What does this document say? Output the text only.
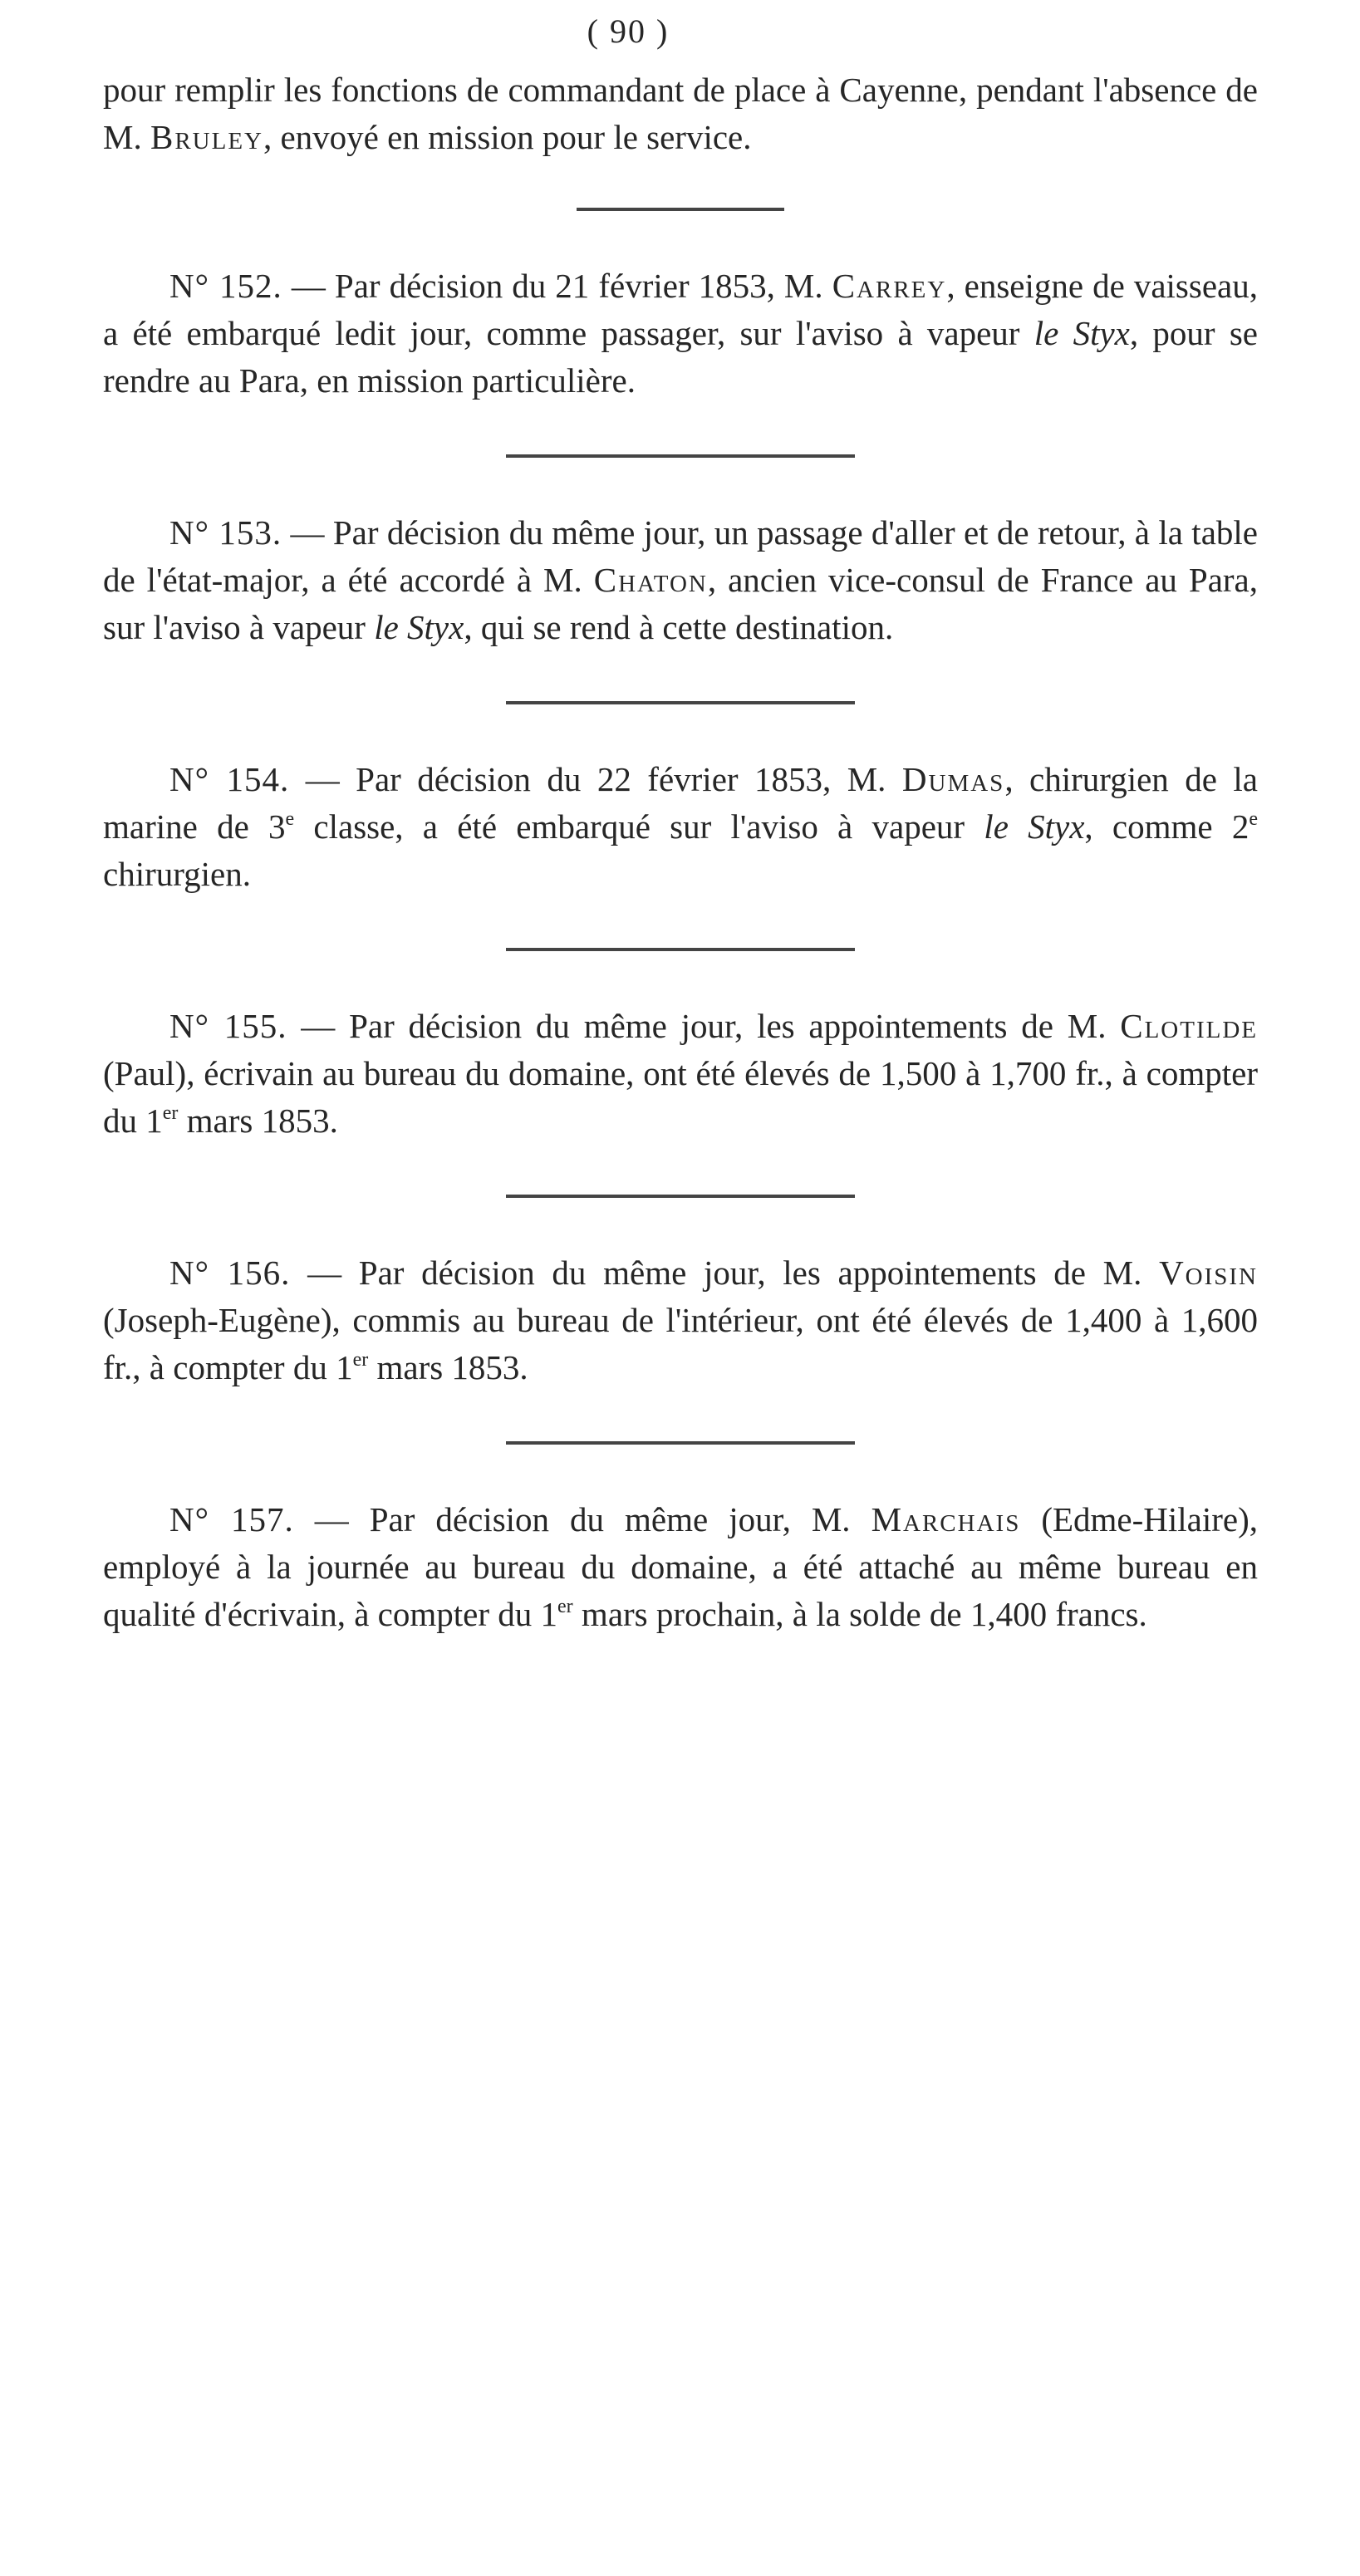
( 90 )

pour remplir les fonctions de commandant de place à Cayenne, pendant l'absence de M. Bruley, envoyé en mission pour le service.

N° 152. — Par décision du 21 février 1853, M. Carrey, enseigne de vaisseau, a été embarqué ledit jour, comme passager, sur l'aviso à vapeur le Styx, pour se rendre au Para, en mission particulière.

N° 153. — Par décision du même jour, un passage d'aller et de retour, à la table de l'état-major, a été accordé à M. Chaton, ancien vice-consul de France au Para, sur l'aviso à vapeur le Styx, qui se rend à cette destination.

N° 154. — Par décision du 22 février 1853, M. Dumas, chirurgien de la marine de 3e classe, a été embarqué sur l'aviso à vapeur le Styx, comme 2e chirurgien.

N° 155. — Par décision du même jour, les appointements de M. Clotilde (Paul), écrivain au bureau du domaine, ont été élevés de 1,500 à 1,700 fr., à compter du 1er mars 1853.

N° 156. — Par décision du même jour, les appointements de M. Voisin (Joseph-Eugène), commis au bureau de l'intérieur, ont été élevés de 1,400 à 1,600 fr., à compter du 1er mars 1853.

N° 157. — Par décision du même jour, M. Marchais (Edme-Hilaire), employé à la journée au bureau du domaine, a été attaché au même bureau en qualité d'écrivain, à compter du 1er mars prochain, à la solde de 1,400 francs.
